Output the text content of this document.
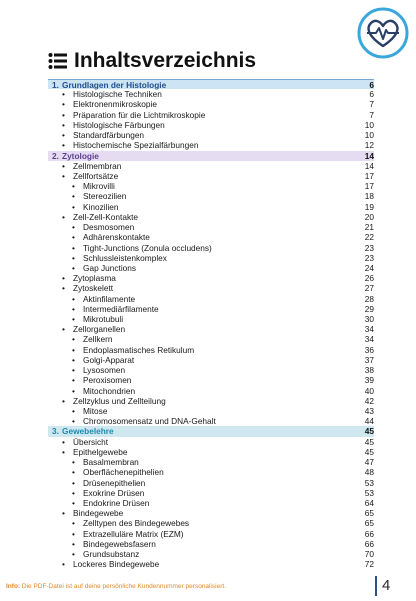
Inhaltsverzeichnis
1. Grundlagen der Histologie	6
• Histologische Techniken	6
• Elektronenmikroskopie	7
• Präparation für die Lichtmikroskopie	7
• Histologische Färbungen	10
• Standardfärbungen	10
• Histochemische Spezialfärbungen	12
2. Zytologie	14
• Zellmembran	14
• Zellfortsätze	17
• Mikrovilli	17
• Stereozilien	18
• Kinozilien	19
• Zell-Zell-Kontakte	20
• Desmosomen	21
• Adhärenskontakte	22
• Tight-Junctions (Zonula occludens)	23
• Schlussleistenkomplex	23
• Gap Junctions	24
• Zytoplasma	26
• Zytoskelett	27
• Aktinfilamente	28
• Intermediärfilamente	29
• Mikrotubuli	30
• Zellorganellen	34
• Zellkern	34
• Endoplasmatisches Retikulum	36
• Golgi-Apparat	37
• Lysosomen	38
• Peroxisomen	39
• Mitochondrien	40
• Zellzyklus und Zellteilung	42
• Mitose	43
• Chromosomensatz und DNA-Gehalt	44
3. Gewebelehre	45
• Übersicht	45
• Epithelgewebe	45
• Basalmembran	47
• Oberflächenepithelien	48
• Drüsenepithelien	53
• Exokrine Drüsen	53
• Endokrine Drüsen	64
• Bindegewebe	65
• Zelltypen des Bindegewebes	65
• Extrazelluläre Matrix (EZM)	66
• Bindegewebsfasern	66
• Grundsubstanz	70
• Lockeres Bindegewebe	72
Info: Die PDF-Datei ist auf deine persönliche Kundennummer personalisiert.	4
